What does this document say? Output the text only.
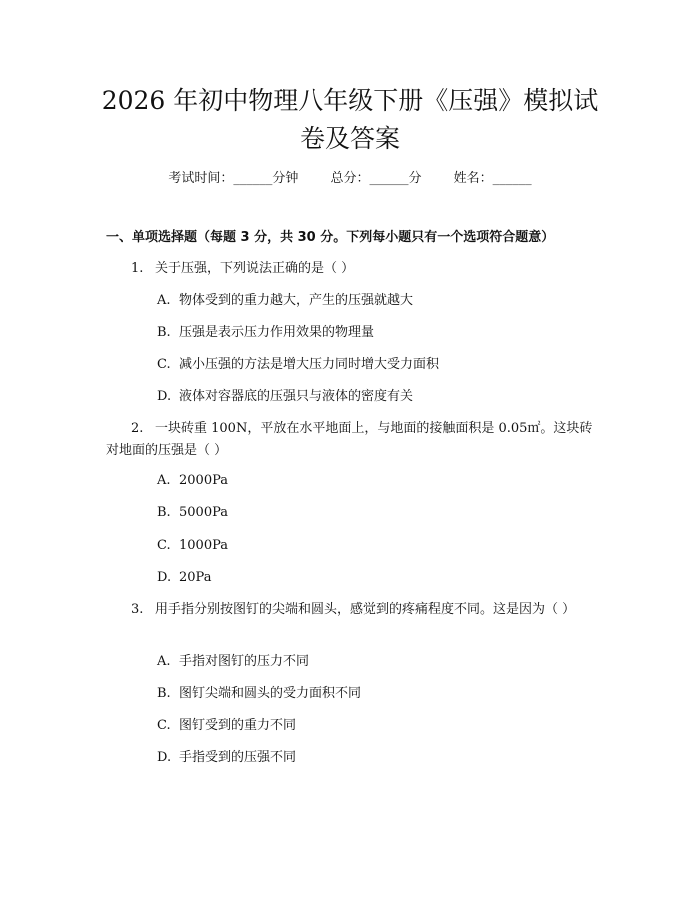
2026 年初中物理八年级下册《压强》模拟试
卷及答案
考试时间：______分钟 总分：______分 姓名：______
一、单项选择题（每题 3 分，共 30 分。下列每小题只有一个选项符合题意）

1. 关于压强，下列说法正确的是（ ）

A. 物体受到的重力越大，产生的压强就越大
B. 压强是表示压力作用效果的物理量
C. 减小压强的方法是增大压力同时增大受力面积
D. 液体对容器底的压强只与液体的密度有关

2. 一块砖重 100N，平放在水平地面上，与地面的接触面积是 0.05㎡。这块砖对地面的压强是（ ）

A. 2000Pa
B. 5000Pa
C. 1000Pa
D. 20Pa

3. 用手指分别按图钉的尖端和圆头，感觉到的疼痛程度不同。这是因为（ ）

A. 手指对图钉的压力不同
B. 图钉尖端和圆头的受力面积不同
C. 图钉受到的重力不同
D. 手指受到的压强不同
